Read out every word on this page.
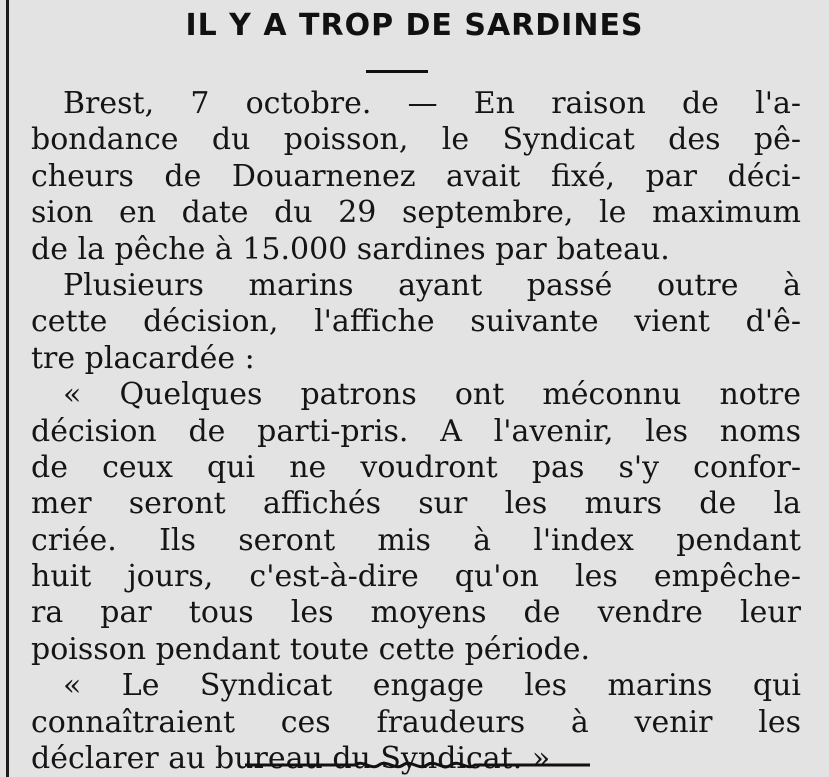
IL Y A TROP DE SARDINES
Brest, 7 octobre. — En raison de l'a-
bondance du poisson, le Syndicat des pê-
cheurs de Douarnenez avait fixé, par déci-
sion en date du 29 septembre, le maximum
de la pêche à 15.000 sardines par bateau.
Plusieurs marins ayant passé outre à
cette décision, l'affiche suivante vient d'ê-
tre placardée :
« Quelques patrons ont méconnu notre
décision de parti-pris. A l'avenir, les noms
de ceux qui ne voudront pas s'y confor-
mer seront affichés sur les murs de la
criée. Ils seront mis à l'index pendant
huit jours, c'est-à-dire qu'on les empêche-
ra par tous les moyens de vendre leur
poisson pendant toute cette période.
« Le Syndicat engage les marins qui
connaîtraient ces fraudeurs à venir les
déclarer au bureau du Syndicat. »
